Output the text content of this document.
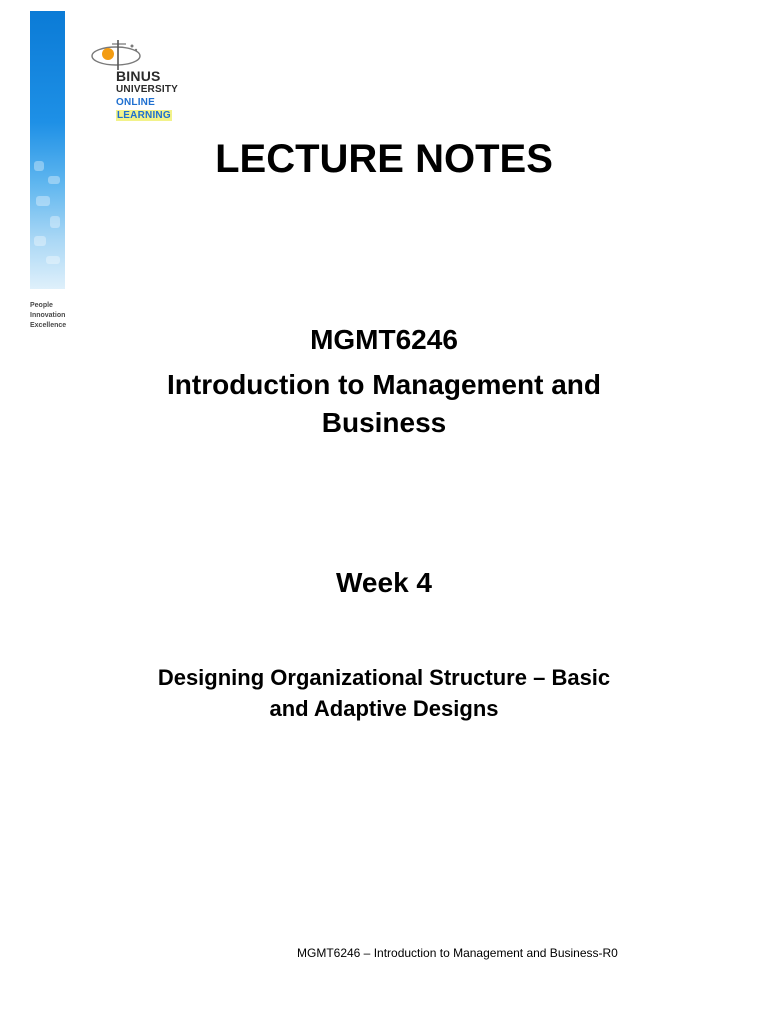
People
Innovation
Excellence
BINUS
UNIVERSITY
ONLINE
LEARNING
LECTURE NOTES
MGMT6246
Introduction to Management and Business
Week 4
Designing Organizational Structure – Basic and Adaptive Designs
MGMT6246 – Introduction to Management and Business-R0
